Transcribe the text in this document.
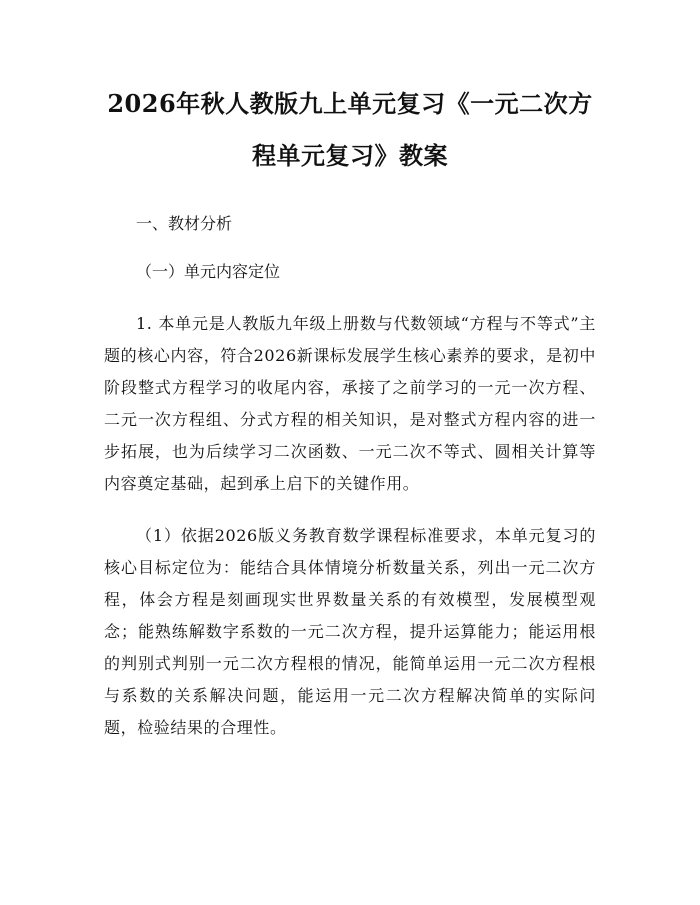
2026年秋人教版九上单元复习《一元二次方
程单元复习》教案

一、教材分析

（一）单元内容定位

1. 本单元是人教版九年级上册数与代数领域“方程与不等式”主题的核心内容，符合2026新课标发展学生核心素养的要求，是初中阶段整式方程学习的收尾内容，承接了之前学习的一元一次方程、二元一次方程组、分式方程的相关知识，是对整式方程内容的进一步拓展，也为后续学习二次函数、一元二次不等式、圆相关计算等内容奠定基础，起到承上启下的关键作用。

（1）依据2026版义务教育数学课程标准要求，本单元复习的核心目标定位为：能结合具体情境分析数量关系，列出一元二次方程，体会方程是刻画现实世界数量关系的有效模型，发展模型观念；能熟练解数字系数的一元二次方程，提升运算能力；能运用根的判别式判别一元二次方程根的情况，能简单运用一元二次方程根与系数的关系解决问题，能运用一元二次方程解决简单的实际问题，检验结果的合理性。
